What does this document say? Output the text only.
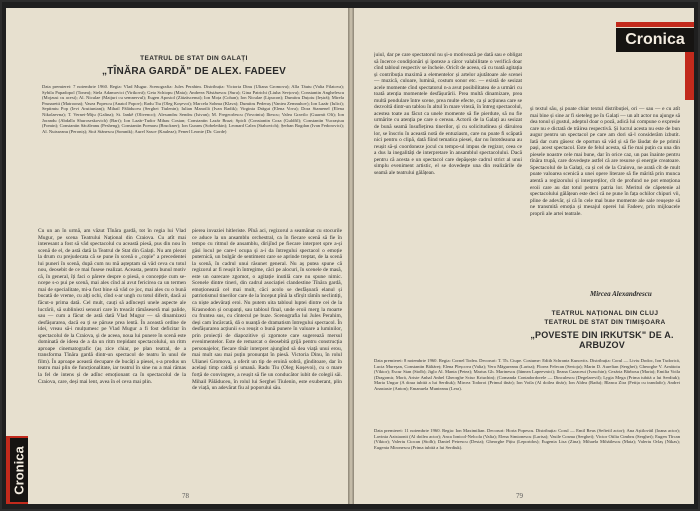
TEATRUL DE STAT DIN GALAȚI
„TÎNĂRA GARDĂ" DE ALEX. FADEEV
Data premierei: 7 noiembrie 1960. Regia: Vlad Mugur. Scenografia: Jules Perahim. Distribuția: Victoria Dinu (Uliana Gromova); Alla Tăutu (Valia Filatova); Sybila Papadopol (Tonea); Stela Adamovici (Viriková); Geta Schiopu (Maia); Andreea Năstăsescu (Sura); Gina Patrichi (Liuba Sevțova); Constantin Anghelescu (Mojzusi cu acest); Al. Niculae (Maijuri cu semnervul); Eugen Apostol (Zăizăscenut); Ion Moța (Cohan); Ion Niculae (Lipucon); Dumitru Duțoiu (Ieșiră); Mirela Prunaretti (Matroona); Vasea Popescu (Anatol Popov); Radu Tiu (Oleg Koșevoi); Marcela Sohma (Klava); Dumitru Pederaș (Vaniea Zemnuhov); Ion Lazăr (Iulici); Septimiu Pop (Ievi Arutiunianț); Mihail Pălăduceu (Serghei Tiulenin); Iulian Manoilă (Ivan Radik); Virginia Drăgut (Elena Vova); Dora Stamenel (Elena Nikolaevna); T. Vernei-Miju (Galina); St. Iankě (Olivenco); Alexandru Sendru (Istvan); M. Fregeorlescu (Vovotniu) Iliescu; Valea Gravilo (Guarnit Olt); Ion Jorandu (Abdalla Shuroseskovich) (Bart); Ion Lazăr-Tudor Mihau Costan; Constantin Lazăr Brazi; Spicli (Constantin Coza (Guldfil); Constantin Vucrașiuu (Fomin); Constantin Săcăleanu (Pesheng); Constantin Poenaru (Bruckner); Ion Gurans (Sobeletkin); Leonard Calea (Stahovich); Șerban Bogdan (Ivan Fedorovici); Al. Nuisseanu (Peroniș); Sică Stănescu (Somnik); Aurel Sasce (Kauleaz); Fenerl Leonte (Dr. Gorde)
Cu un an în urmă, am văzut Tînăra gardă, tot în regia lui Vlad Mugur, pe scena Teatrului Național din Craiova. Cu atît mai interesant a fost să văd spectacolul cu această piesă, pus din nou în scenă de el, de astă dată la Teatrul de Stat din Galați. Nu am plecat la drum cu prejudecata că se pune în scenă o „copie" a precedentei lui puneri în scenă, după cum nu mă așteptam să văd ceva cu totul nou, deosebit de ce mai fusese realizat. Aceasta, pentru bunul motiv că, în general, îți faci o părere despre o piesă, o concepție cum se-ncepe s-o pui pe scenă, mai ales cînd ai avut fericirea ca un termen mai de specialitate, mi-a fost bine să văd ce joc, mai ales cu o bună bucată de vreme, cu alți ochi, cînd s-ar ungh cu totul diferit, dacă ai făcut-o prima dată. Cel mult, cauți să adîncești unele aspecte ale lucrării, să subliniezi sensuri care în treacăt rămăseseră mai palide, sau — cum a făcut de astă dată Vlad Mugur — să dinamizezi desfășurarea, dacă ea ți se păruse prea lentă. În această ordine de idei, vreau să-i mulțumesc pe Vlad Mugur a fi fost deficitar în spectacolul de la Craiova, și de aceea, noua lui punere în scenă este dominată de ideea de a da un ritm trepidant spectacolului, un ritm aproape cinematografic (aș zice chiar, pe plan teatral, de a transforma Tînăra gardă dintr-un spectacol de teatru în unul de film). În aproape această decupare de bucăți a piesei, s-a produs un teatru mai plin de funcționalitate, iar teatrul în sine nu a mai rămas la fel de intens și de adînc emoționant ca în spectacolul de la Craiova, care, deși mai lent, avea în el ceva mai plin.
pierea invaziei hitleriste. Pînă aci, regizorul a seamănat cu stocurile ce aduce la un ansamblu orchestral, ca în fiecare scenă să fie în tempo cu ritmul de ansamblu, dirijînd pe fiecare interpret spre a-și găsi locul pe care-l ocupa și a-i da întregului spectacol o emoție puternică, un bulgăr de sentiment care se aprinde treptat, de la scenă la scenă, în cadrul unui răsunet general. Nu aș putea spune că regizorul ar fi reușit în întregime, căci pe alocuri, în scenele de masă, este un oarecare zgomot, o agitație inutilă care nu spune nimic. Scenele dintre tineri, din cadrul asociației clandestine Tînăra gardă, emoționează cel mai mult, căci acolo se desfășoară elanul și patriotismul tinerilor care de la început pînă la sfîrșit rămîn neclintiți, ca niște adevărați eroi. Nu putem uita tabloul luptei dintre cei de la Krasnodon și ocupanți, sau tabloul final, unde eroii merg la moarte cu fruntea sus, cu cîntecul pe buze. Scenografia lui Jules Perahim, deși cam încărcată, dă o nuanță de dramatism întregului spectacol. În desfășurarea acțiunii s-a reușit o bună punere în valoare a luminilor, prin proiecții de diapozitive și zgomote care sugerează mersul evenimentelor. Este de remarcat o deosebită grijă pentru construcția personajelor, fiecare tînăr interpret ajungînd să dea viață unui erou, mai mult sau mai puțin pronunțat în piesă. Victoria Dinu, în rolul Ulianei Gromova, a oferit un tip de eroină sobră, gînditoare, dar în același timp caldă și umană. Radu Tiu (Oleg Koșevoi), cu o mare forță de convingere, a reușit să fie un conducător iubit de colegii săi. Mihail Pălăduceu, în rolul lui Serghei Tiulenin, este exuberant, plin de viață, un adevărat fiu al poporului său.
78
Cronica
juiul, dar pe care spectatorul nu și-o motivează pe dată sau e obligat să încerce condiționări și ipoteze a căror valabilitate o verifică doar cînd tabloul respectiv se încheie. Oricît de aceea, că cu toată agitația și contribuția maximă a elementelor și artelor ajutătoare ale scenei — muzică, culoare, lumină, costum sonor etc. — există de sesizat acele momente cînd spectatorul n-a avut posibilitatea de a urmări cu toată atenția momentele desfășurării. Prea multă dinamizare, prea multă pendulare între scene, prea multe efecte, ca și acțiunea care se dezvoltă dintr-un tablou în altul în mare viteză, în întreg spectacolul, acestea toate au făcut ca unele momente să fie pierdute, să nu fie urmărite cu atenția pe care o cereau. Actorii de la Galați au sesizat de bună seamă însuflețirea tinerilor, și cu solicitudinea și dăruirea lor, se înscriu în această notă de entuziasm, care nu poate fi scăpată nici pentru o clipă, dată fiind tematica piesei, dar nu întotdeauna au reușit să-și coordoneze jocul cu tempo-ul impus de regizor, ceea ce a dus la inegalități de interpretare în ansamblul spectacolului. Dacă pentru că acesta e un spectacol care depășește cadrul strict al unui simplu eveniment artistic, el se dovedește una din realizările de seamă ale teatrului gălățean.
și textul său, și poate chiar textul distribuției, ori — sau — e cu atît mai bine și sine ar fi sieteleg pe în Galați — un alt actor nu ajunge să dea tonul și gustul, adeptul doar o poză, adică lui compune o expresie care nu e dictată de trăirea respectivă. Și lucrul acesta nu este de bun augur pentru un spectacol pe care am dori să-l considerăm izbutit. Iată dar cum găsesc de oportun să văd și să fie lăudat de pe primii pași, acest spectacol. Este de felul acesta, să fie mai puțin ca una din piesele noastre cele mai bune, dar în orice caz, un pas înainte pentru tînăra trupă, care dovedește astfel că are resurse și energie creatoare. Spectacolul de la Galați, ca și cel de la Craiova, ne arată cît de mult poate valoarea scenică a unei opere literare să fie mărită prin munca atentă a regizorului și interpreților, cît de profund ne pot emoționa eroii care au dat totul pentru patria lor. Meritul de căpetenie al spectacolului gălățean este deci că ne pune în fața ochilor chipuri vii, pline de adevăr, și că în cele mai bune momente ale sale reușește să ne transmită emoția și mesajul operei lui Fadeev, prin mijloacele proprii ale artei teatrale.
Mircea Alexandrescu
TEATRUL NAȚIONAL DIN CLUJ
TEATRUL DE STAT DIN TIMIȘOARA
„POVESTE DIN IRKUTSK" DE A. ARBUZOV
Data premierei: 8 noiembrie 1960. Regia: Cornel Todea. Decoruri: T. Th. Ciupe. Costume: Edith Schrantz Kunovits. Distribuția: Corul — Liviu Dodoc, Ion Tudorică, Lucia Mureșan, Constantin Băltăreț; Elena Pleșcova (Valia); Vera Măgureanu (Larisa); Florea Felecan (Serioja); Marin D. Aurelian (Serghei); Gheorghe V. Arnătoiu (Viktor); Escur Stan (Stolb); Jiglo Al. Manta (Petea); Marius Gh. Marinescu (Iúnnea Lapeevnici); Ileana Cazaceui (Ivaschin); Cezăria Bârbosu (Maria); Emilia Voila (Dragomir, Moră, Ariste Anhal Anhel Gheorghe Sciur Kriuchin); (Comanda Contadordorele — Dinculescu (Degelarevil); Lygia Mega (Prima iubită a lui Serdiuk); Maria Ungur (A doua iubită a lui Serdiuk); Mircea Todoroi (Primul tînăr); Ion Voila (Al doilea tînăr); Ion Aldea (Radu); Blanca Zira (Fetița cu trandafir); Andrei Anastasie (Anton); Emanuela Munteanu (Lera).
Data premierei: 11 noiembrie 1960. Regia: Ion Maximilian. Decoruri: Horia Popescu. Distribuția: Corul — Emil Reus (Sefteiil actor); Ana Aștilovăil (Ioana actor); Lavinia Azistaonit (Al doilea actor); Anca Ionicol-Nelcola (Valia); Elena Simionescu (Larisa); Vasile Cosma (Serghei); Victor Otilia Cimbru (Serghei); Eugen Tîrcan (Viktor); Valeriu Ciocan (Stolb); Daniel Petrescu (Desta); Gheorghe Pițiu (Leporidos); Eugenia Lisa (Zina); Mihaela Mihăilescu (Maia); Valeriu Orlaș (Nikas); Eugenia Mironescu (Prima iubită a lui Serdiuk).
79
Cronica
